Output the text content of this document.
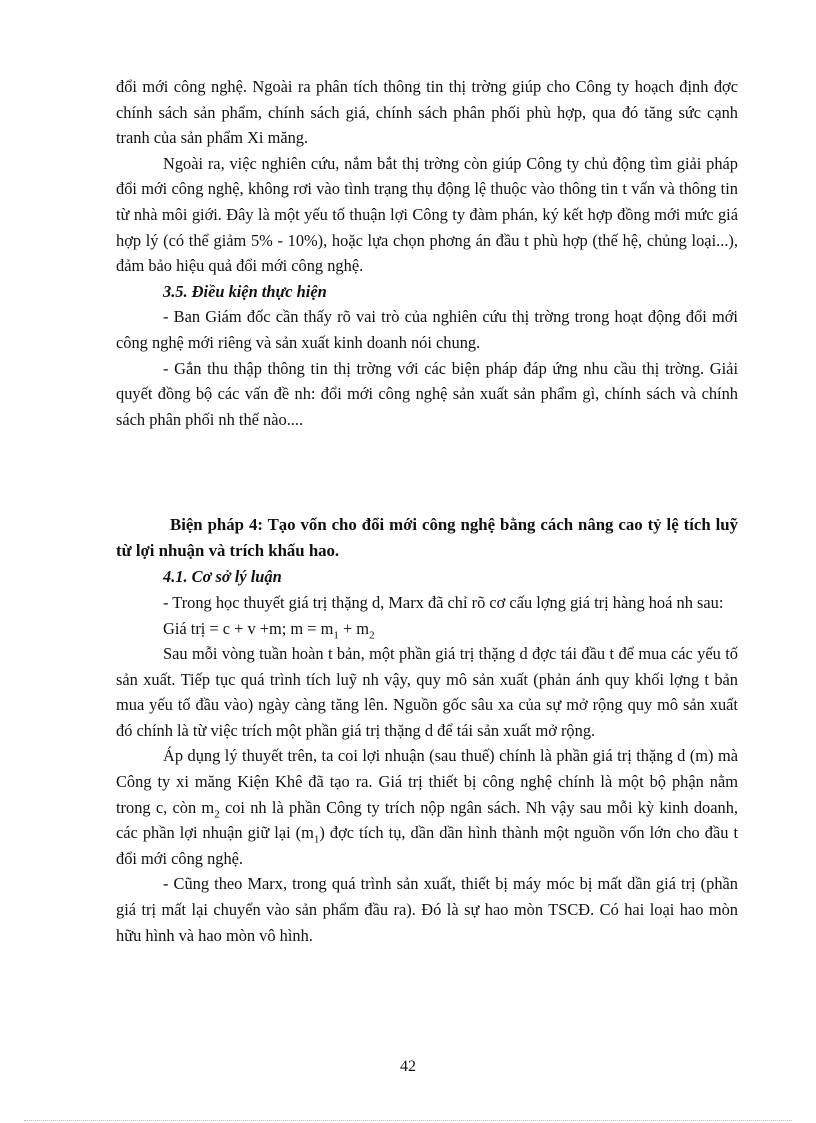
đổi mới công nghệ. Ngoài ra phân tích thông tin thị trờng giúp cho Công ty hoạch định đợc chính sách sản phẩm, chính sách giá, chính sách phân phối phù hợp, qua đó tăng sức cạnh tranh của sản phẩm Xi măng.

Ngoài ra, việc nghiên cứu, nắm bắt thị trờng còn giúp Công ty chủ động tìm giải pháp đổi mới công nghệ, không rơi vào tình trạng thụ động lệ thuộc vào thông tin t vấn và thông tin từ nhà môi giới. Đây là một yếu tố thuận lợi Công ty đàm phán, ký kết hợp đồng mới mức giá hợp lý (có thể giảm 5% - 10%), hoặc lựa chọn phơng án đầu t phù hợp (thế hệ, chủng loại...), đảm bảo hiệu quả đổi mới công nghệ.

3.5. Điều kiện thực hiện

- Ban Giám đốc cần thấy rõ vai trò của nghiên cứu thị trờng trong hoạt động đổi mới công nghệ mới riêng và sản xuất kinh doanh nói chung.

- Gắn thu thập thông tin thị trờng với các biện pháp đáp ứng nhu cầu thị trờng. Giải quyết đồng bộ các vấn đề nh: đổi mới công nghệ sản xuất sản phẩm gì, chính sách và chính sách phân phối nh thế nào....

Biện pháp 4: Tạo vốn cho đổi mới công nghệ bằng cách nâng cao tỷ lệ tích luỹ từ lợi nhuận và trích khấu hao.

4.1. Cơ sở lý luận

- Trong học thuyết giá trị thặng d, Marx đã chỉ rõ cơ cấu lợng giá trị hàng hoá nh sau:

Giá trị = c + v +m; $m = m_1 + m_2$

Sau mỗi vòng tuần hoàn t bản, một phần giá trị thặng d đợc tái đầu t để mua các yếu tố sản xuất. Tiếp tục quá trình tích luỹ nh vậy, quy mô sản xuất (phản ánh quy khối lợng t bản mua yếu tố đầu vào) ngày càng tăng lên. Nguồn gốc sâu xa của sự mở rộng quy mô sản xuất đó chính là từ việc trích một phần giá trị thặng d để tái sản xuất mở rộng.

Áp dụng lý thuyết trên, ta coi lợi nhuận (sau thuế) chính là phần giá trị thặng d (m) mà Công ty xi măng Kiện Khê đã tạo ra. Giá trị thiết bị công nghệ chính là một bộ phận nằm trong c, còn $m_2$ coi nh là phần Công ty trích nộp ngân sách. Nh vậy sau mỗi kỳ kinh doanh, các phần lợi nhuận giữ lại $(m_1)$ đợc tích tụ, dần dần hình thành một nguồn vốn lớn cho đầu t đổi mới công nghệ.

- Cũng theo Marx, trong quá trình sản xuất, thiết bị máy móc bị mất dần giá trị (phần giá trị mất lại chuyển vào sản phẩm đầu ra). Đó là sự hao mòn TSCĐ. Có hai loại hao mòn hữu hình và hao mòn vô hình.

42
